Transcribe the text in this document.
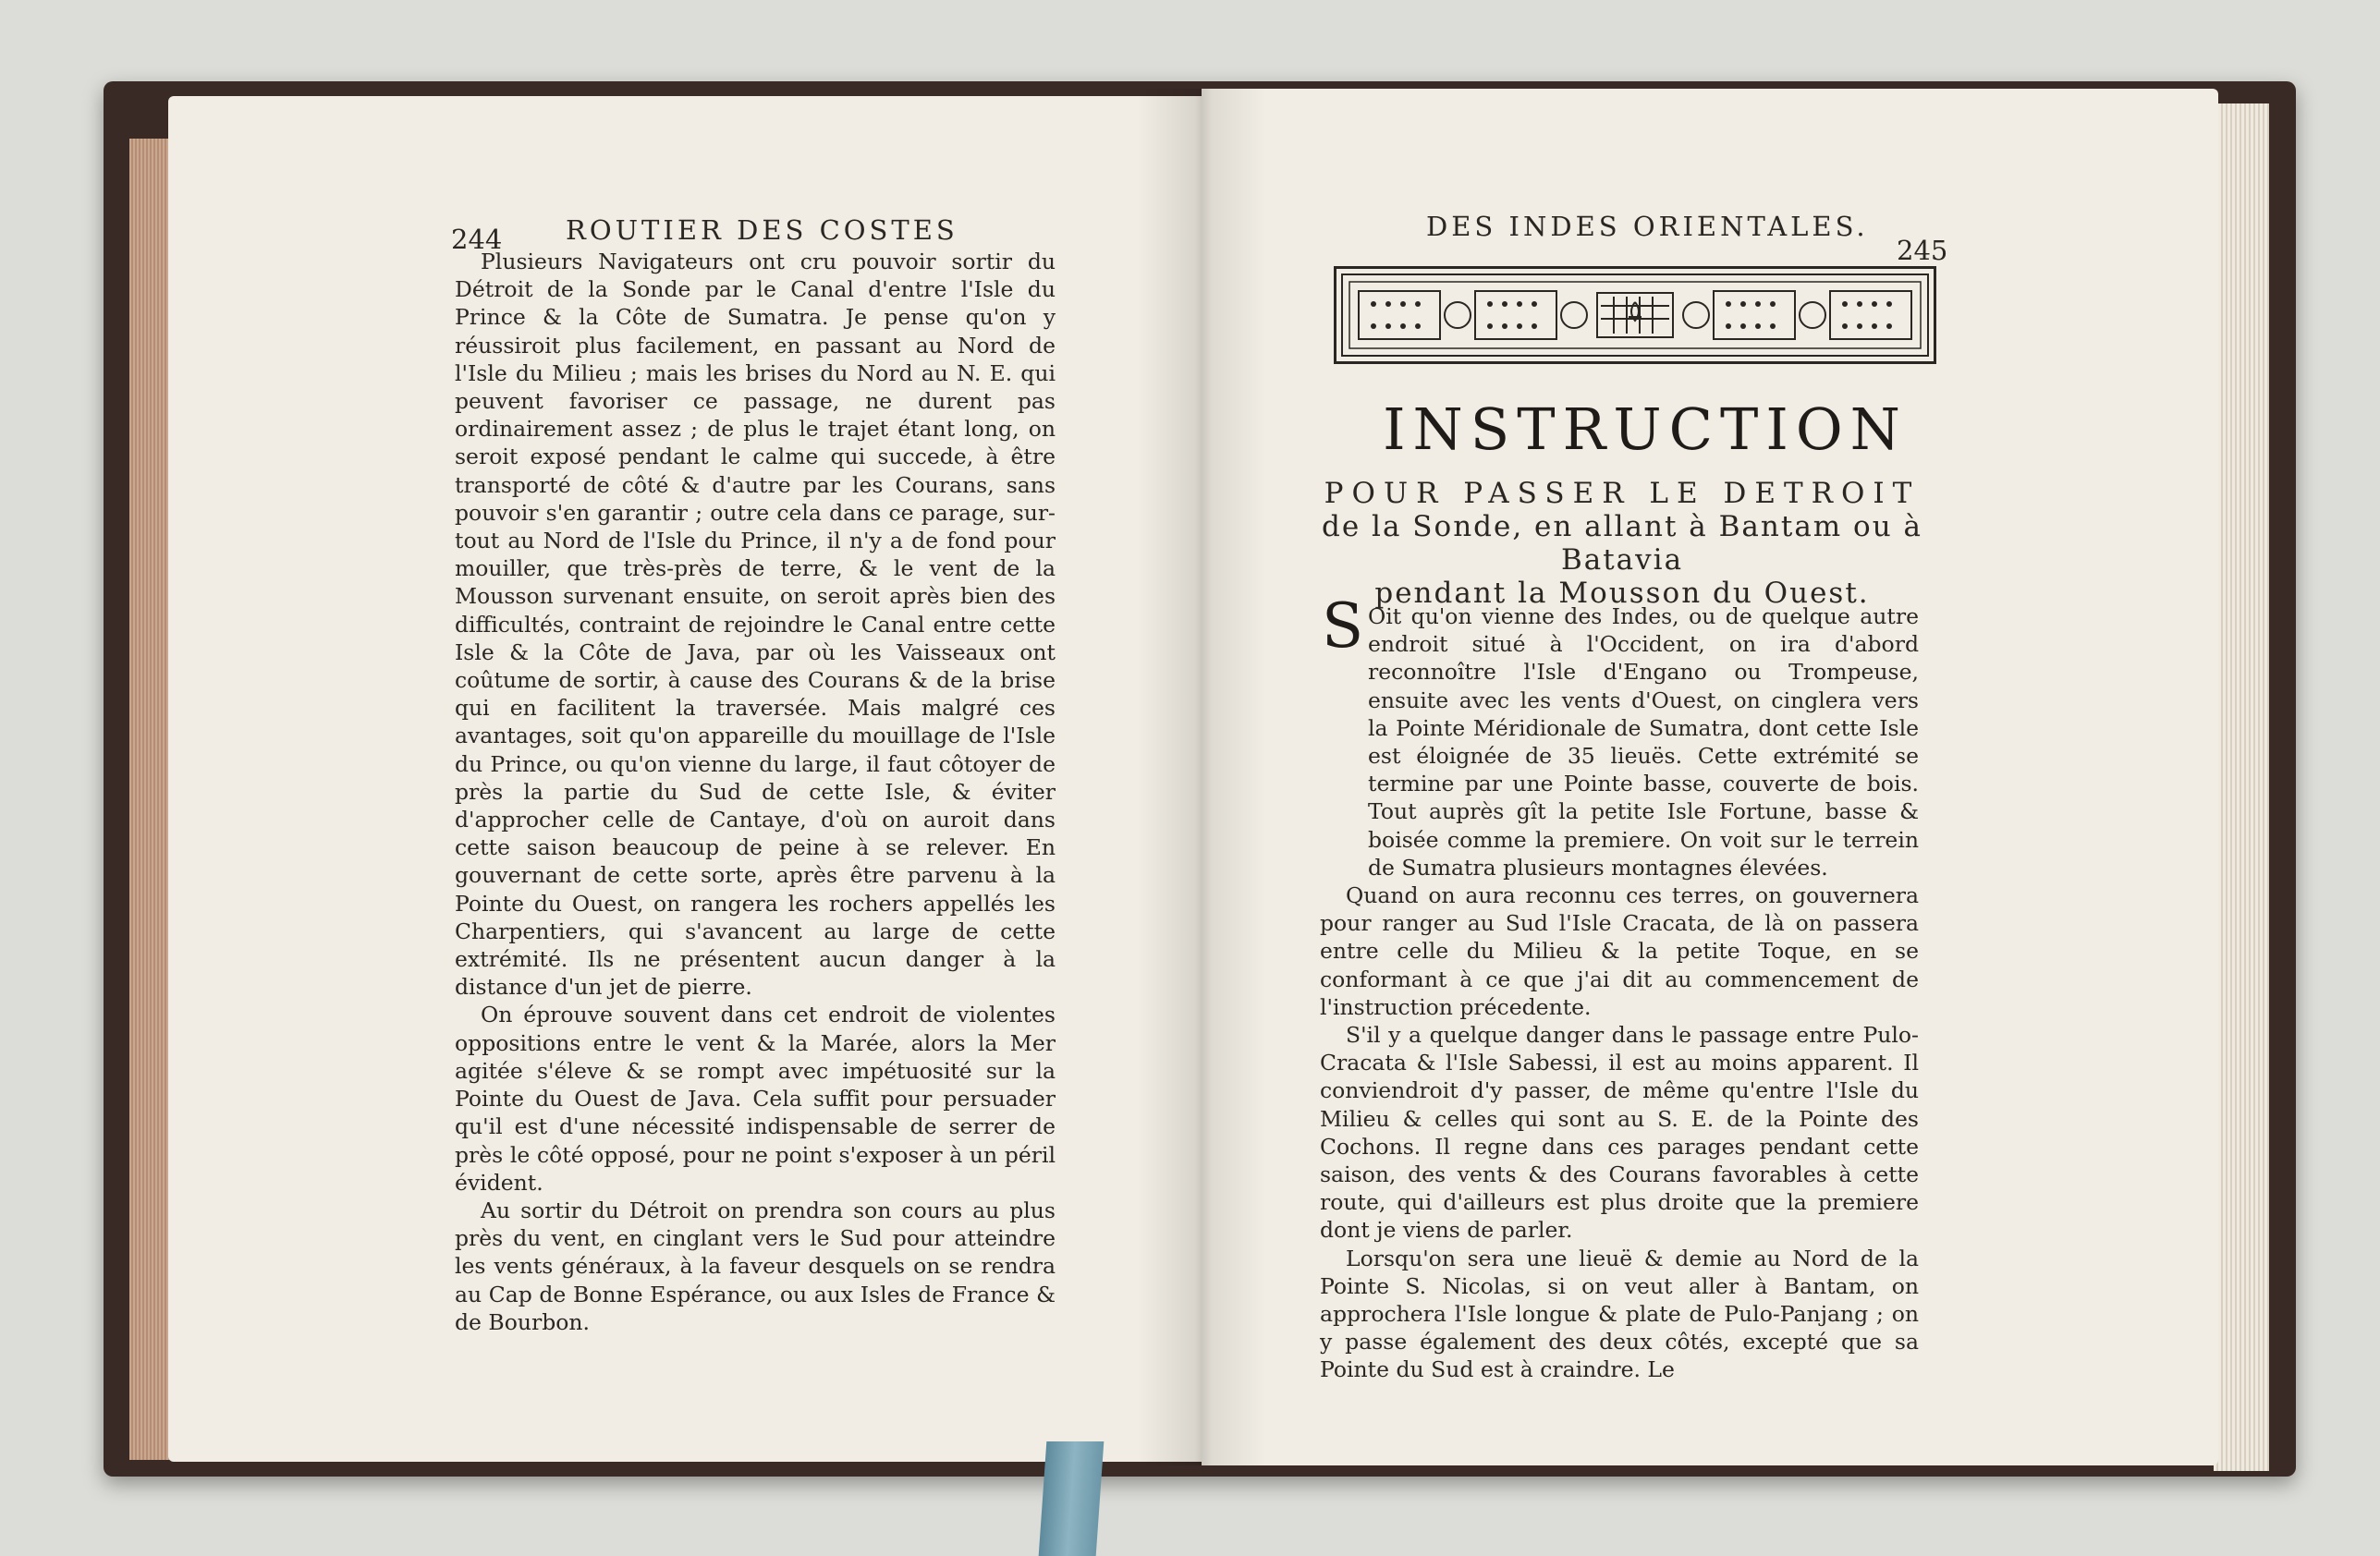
244 ROUTIER DES COSTES

Plusieurs Navigateurs ont cru pouvoir sortir du Détroit de la Sonde par le Canal d'entre l'Isle du Prince & la Côte de Sumatra. Je pense qu'on y réussiroit plus facilement, en passant au Nord de l'Isle du Milieu ; mais les brises du Nord au N. E. qui peuvent favoriser ce passage, ne durent pas ordinairement assez ; de plus le trajet étant long, on seroit exposé pendant le calme qui succede, à être transporté de côté & d'autre par les Courans, sans pouvoir s'en garantir ; outre cela dans ce parage, sur-tout au Nord de l'Isle du Prince, il n'y a de fond pour mouiller, que très-près de terre, & le vent de la Mousson survenant ensuite, on seroit après bien des difficultés, contraint de rejoindre le Canal entre cette Isle & la Côte de Java, par où les Vaisseaux ont coûtume de sortir, à cause des Courans & de la brise qui en facilitent la traversée. Mais malgré ces avantages, soit qu'on appareille du mouillage de l'Isle du Prince, ou qu'on vienne du large, il faut côtoyer de près la partie du Sud de cette Isle, & éviter d'approcher celle de Cantaye, d'où on auroit dans cette saison beaucoup de peine à se relever. En gouvernant de cette sorte, après être parvenu à la Pointe du Ouest, on rangera les rochers appellés les Charpentiers, qui s'avancent au large de cette extrémité. Ils ne présentent aucun danger à la distance d'un jet de pierre.

On éprouve souvent dans cet endroit de violentes oppositions entre le vent & la Marée, alors la Mer agitée s'éleve & se rompt avec impétuosité sur la Pointe du Ouest de Java. Cela suffit pour persuader qu'il est d'une nécessité indispensable de serrer de près le côté opposé, pour ne point s'exposer à un péril évident.

Au sortir du Détroit on prendra son cours au plus près du vent, en cinglant vers le Sud pour atteindre les vents généraux, à la faveur desquels on se rendra au Cap de Bonne Espérance, ou aux Isles de France & de Bourbon.

DES INDES ORIENTALES.
245
INSTRUCTION
POUR PASSER LE DETROIT
de la Sonde, en allant à Bantam ou à Batavia
pendant la Mousson du Ouest.
S Oit qu'on vienne des Indes, ou de quelque autre endroit situé à l'Occident, on ira d'abord reconnoître l'Isle d'Engano ou Trompeuse, ensuite avec les vents d'Ouest, on cinglera vers la Pointe Méridionale de Sumatra, dont cette Isle est éloignée de 35 lieuës. Cette extrémité se termine par une Pointe basse, couverte de bois. Tout auprès gît la petite Isle Fortune, basse & boisée comme la premiere. On voit sur le terrein de Sumatra plusieurs montagnes élevées.

Quand on aura reconnu ces terres, on gouvernera pour ranger au Sud l'Isle Cracata, de là on passera entre celle du Milieu & la petite Toque, en se conformant à ce que j'ai dit au commencement de l'instruction précedente.

S'il y a quelque danger dans le passage entre Pulo-Cracata & l'Isle Sabessi, il est au moins apparent. Il conviendroit d'y passer, de même qu'entre l'Isle du Milieu & celles qui sont au S. E. de la Pointe des Cochons. Il regne dans ces parages pendant cette saison, des vents & des Courans favorables à cette route, qui d'ailleurs est plus droite que la premiere dont je viens de parler.

Lorsqu'on sera une lieuë & demie au Nord de la Pointe S. Nicolas, si on veut aller à Bantam, on approchera l'Isle longue & plate de Pulo-Panjang ; on y passe également des deux côtés, excepté que sa Pointe du Sud est à craindre. Le
